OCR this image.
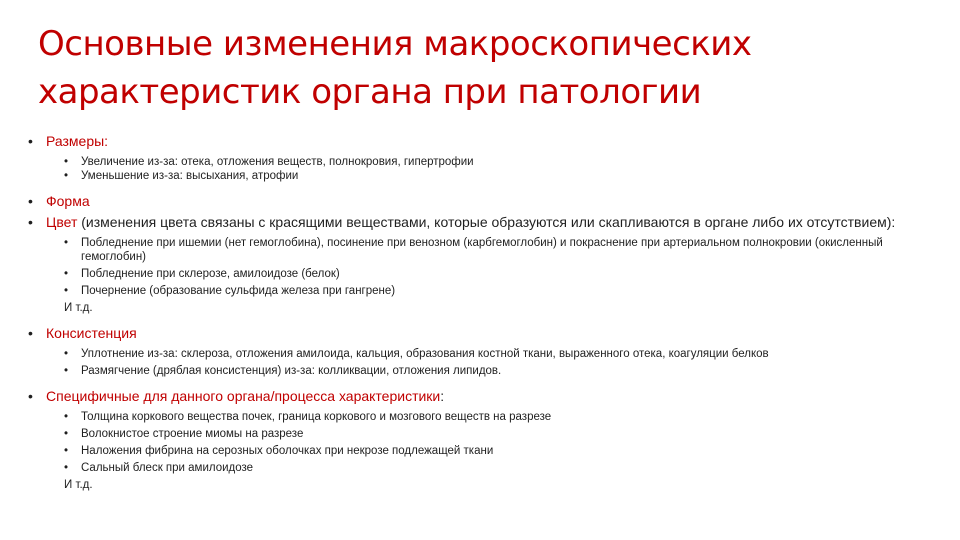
Основные изменения макроскопических характеристик органа при патологии
• Размеры:
• Увеличение из-за: отека, отложения веществ, полнокровия, гипертрофии
• Уменьшение из-за: высыхания, атрофии
• Форма
• Цвет (изменения цвета связаны с красящими веществами, которые образуются или скапливаются в органе либо их отсутствием):
• Побледнение при ишемии (нет гемоглобина), посинение при венозном (карбгемоглобин) и покраснение при артериальном полнокровии (окисленный гемоглобин)
• Побледнение при склерозе, амилоидозе (белок)
• Почернение (образование сульфида железа при гангрене)
И т.д.
• Консистенция
• Уплотнение из-за: склероза, отложения амилоида, кальция, образования костной ткани, выраженного отека, коагуляции белков
• Размягчение (дряблая консистенция) из-за: колликвации, отложения липидов.
• Специфичные для данного органа/процесса характеристики:
• Толщина коркового вещества почек, граница коркового и мозгового веществ на разрезе
• Волокнистое строение миомы на разрезе
• Наложения фибрина на серозных оболочках при некрозе подлежащей ткани
• Сальный блеск при амилоидозе
И т.д.
